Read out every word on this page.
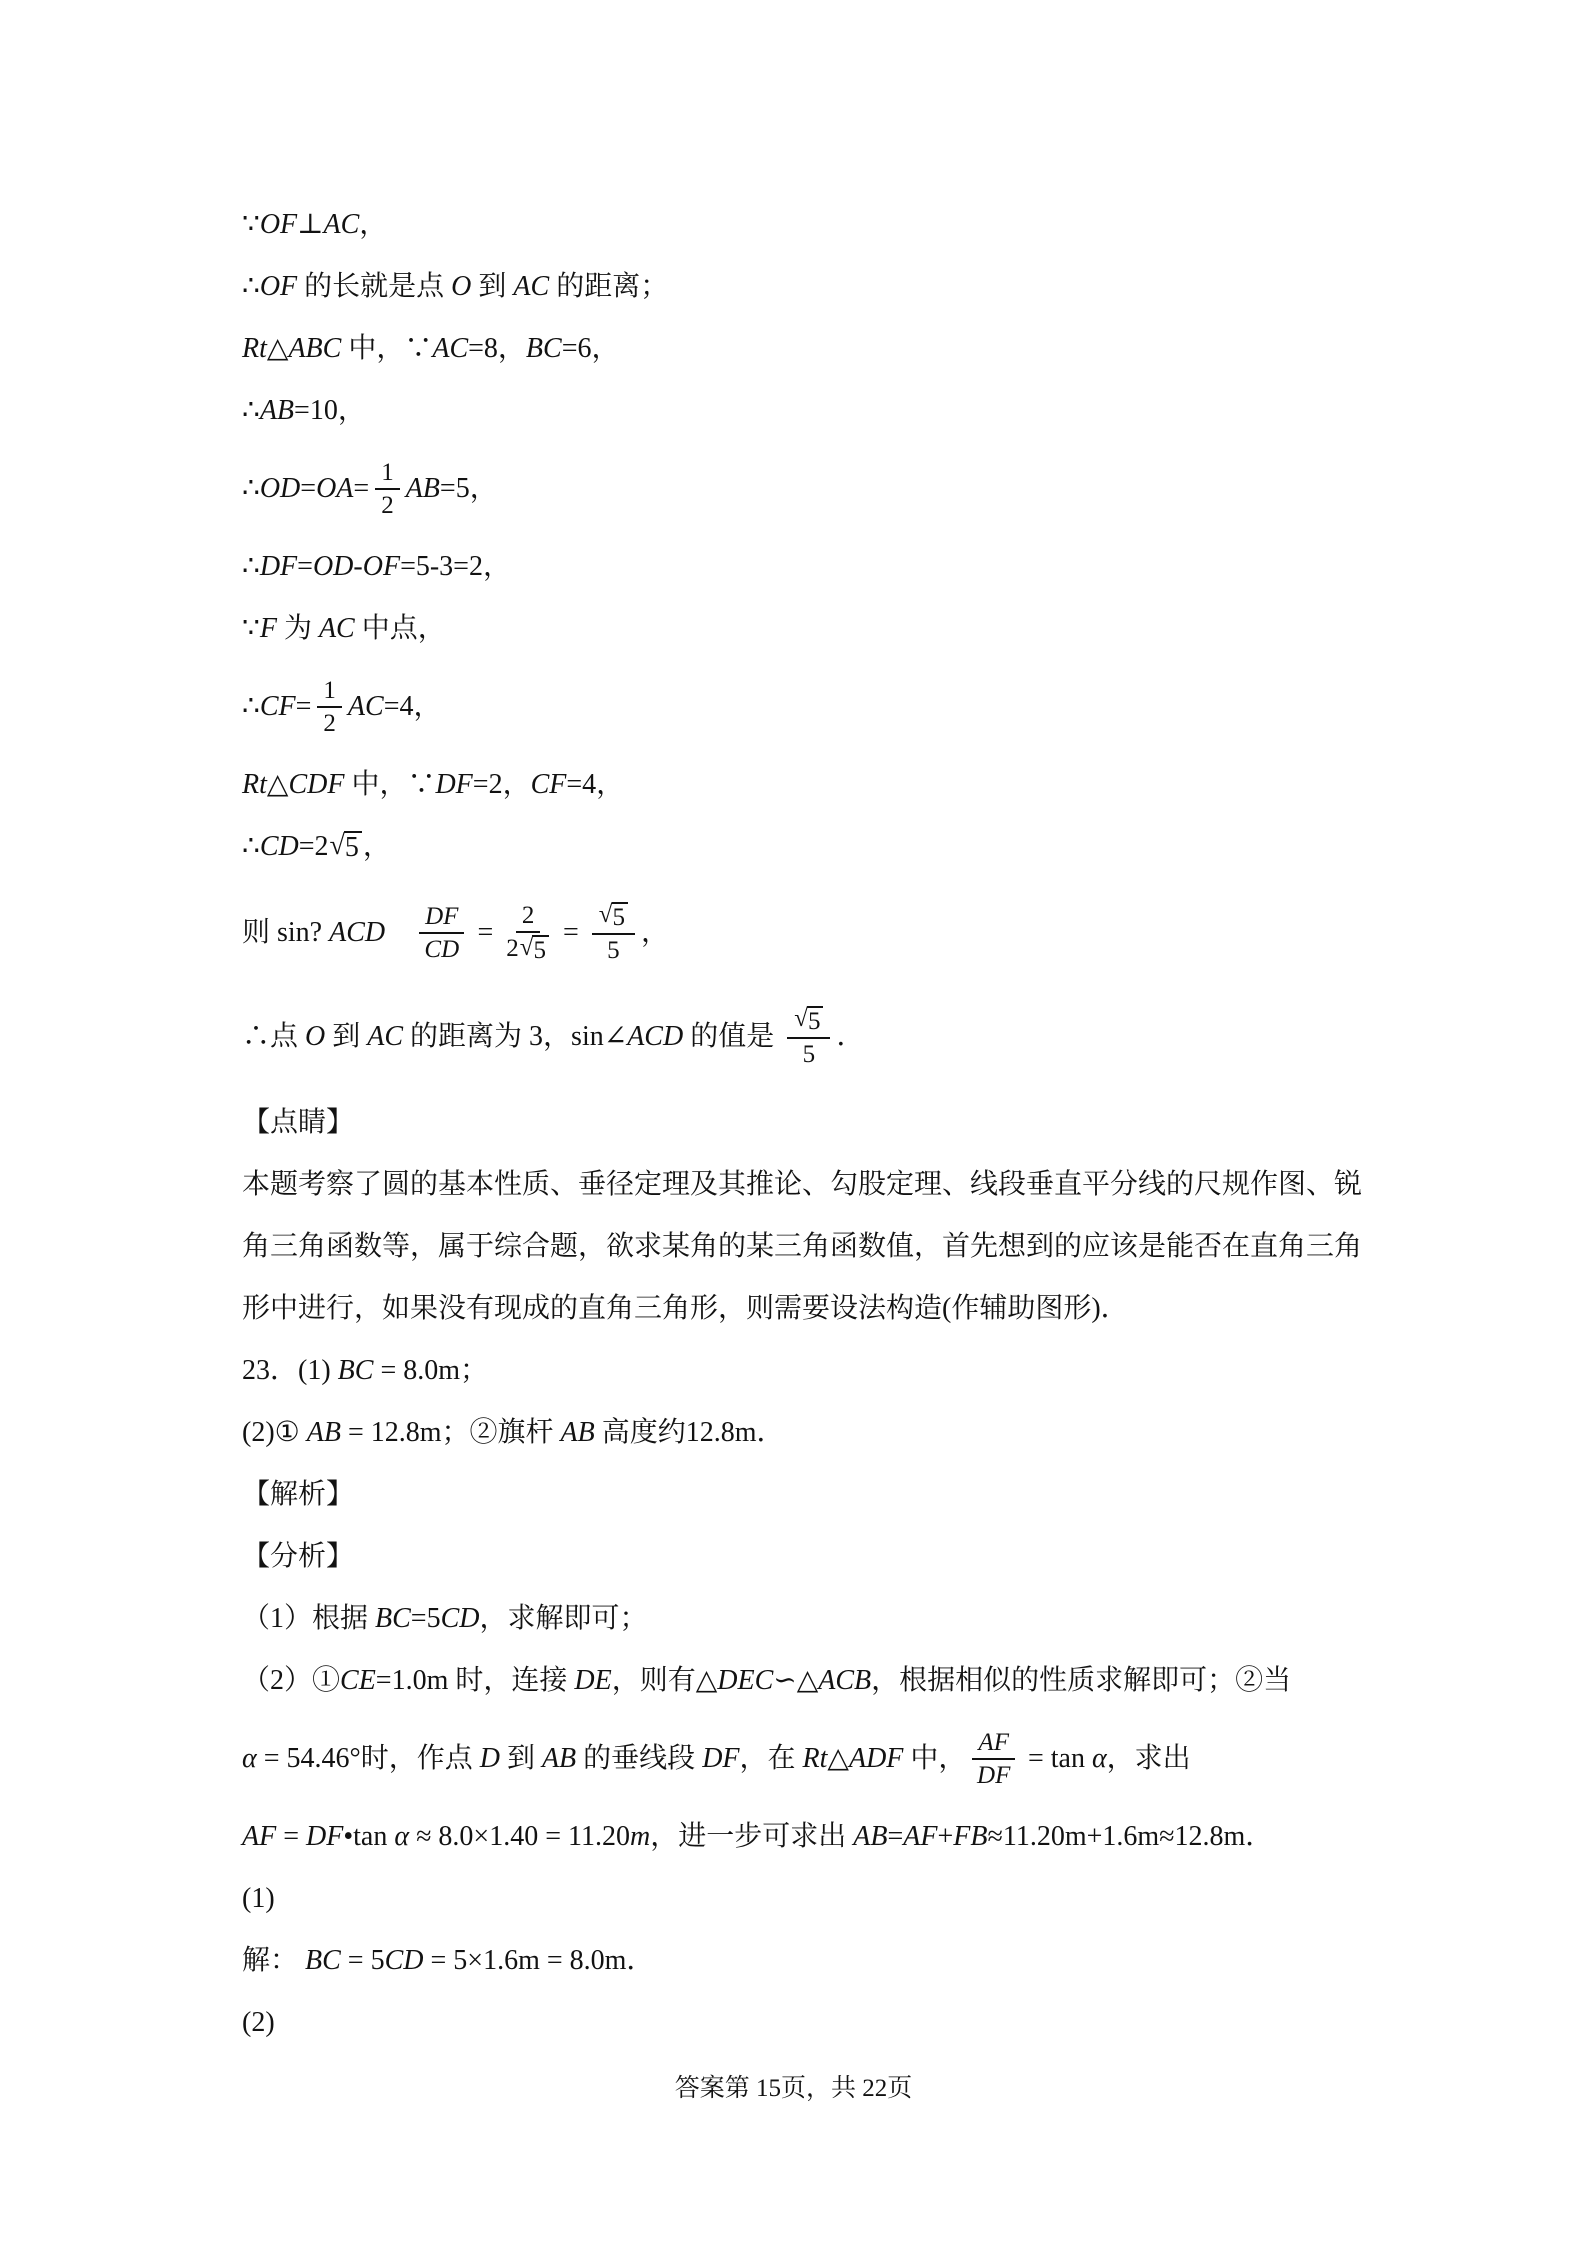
∵ OF ⊥ AC ，
∴ OF 的长就是点 O 到 AC 的距离；
Rt △ ABC 中，∵ AC =8， BC =6，
∴ AB =10，
∴ OD = OA = $\frac{1}{2}$ AB =5，
∴ DF = OD - OF =5-3=2，
∵ F 为 AC 中点，
∴ CF = $\frac{1}{2}$ AC =4，
Rt △ CDF 中，∵ DF =2， CF =4，
∴ CD =2 √ 5 ，
则 sin? ACD
　 $\frac{DF}{CD} = \frac{2}{2 √ 5} = \frac{√ 5}{5}$ ，
∴点 O 到 AC 的距离为 3，sin∠ ACD 的值是 $\frac{√ 5}{5}$ ．
【点睛】
本题考察了圆的基本性质、垂径定理及其推论、勾股定理、线段垂直平分线的尺规作图、锐
角三角函数等，属于综合题，欲求某角的某三角函数值，首先想到的应该是能否在直角三角
形中进行，如果没有现成的直角三角形，则需要设法构造(作辅助图形)．
23．(1) BC = 8.0m；
(2)① AB = 12.8m；②旗杆 AB 高度约12.8m．
【解析】
【分析】
（1）根据 BC =5 CD ，求解即可；
（2）① CE =1.0m 时，连接 DE ，则有△ DEC ∽△ ACB ，根据相似的性质求解即可；②当
α = 54.46°时，作点 D 到 AB 的垂线段 DF ，在 Rt △ ADF 中， $\frac{AF}{DF} = \tan \alpha$ ，求出
AF = DF •tan α ≈ 8.0×1.40 = 11.20 m ，进一步可求出 AB = AF + FB ≈11.20m+1.6m≈12.8m．
(1)
解： BC = 5 CD = 5×1.6m = 8.0m．
(2)
答案第 15页，共 22页
